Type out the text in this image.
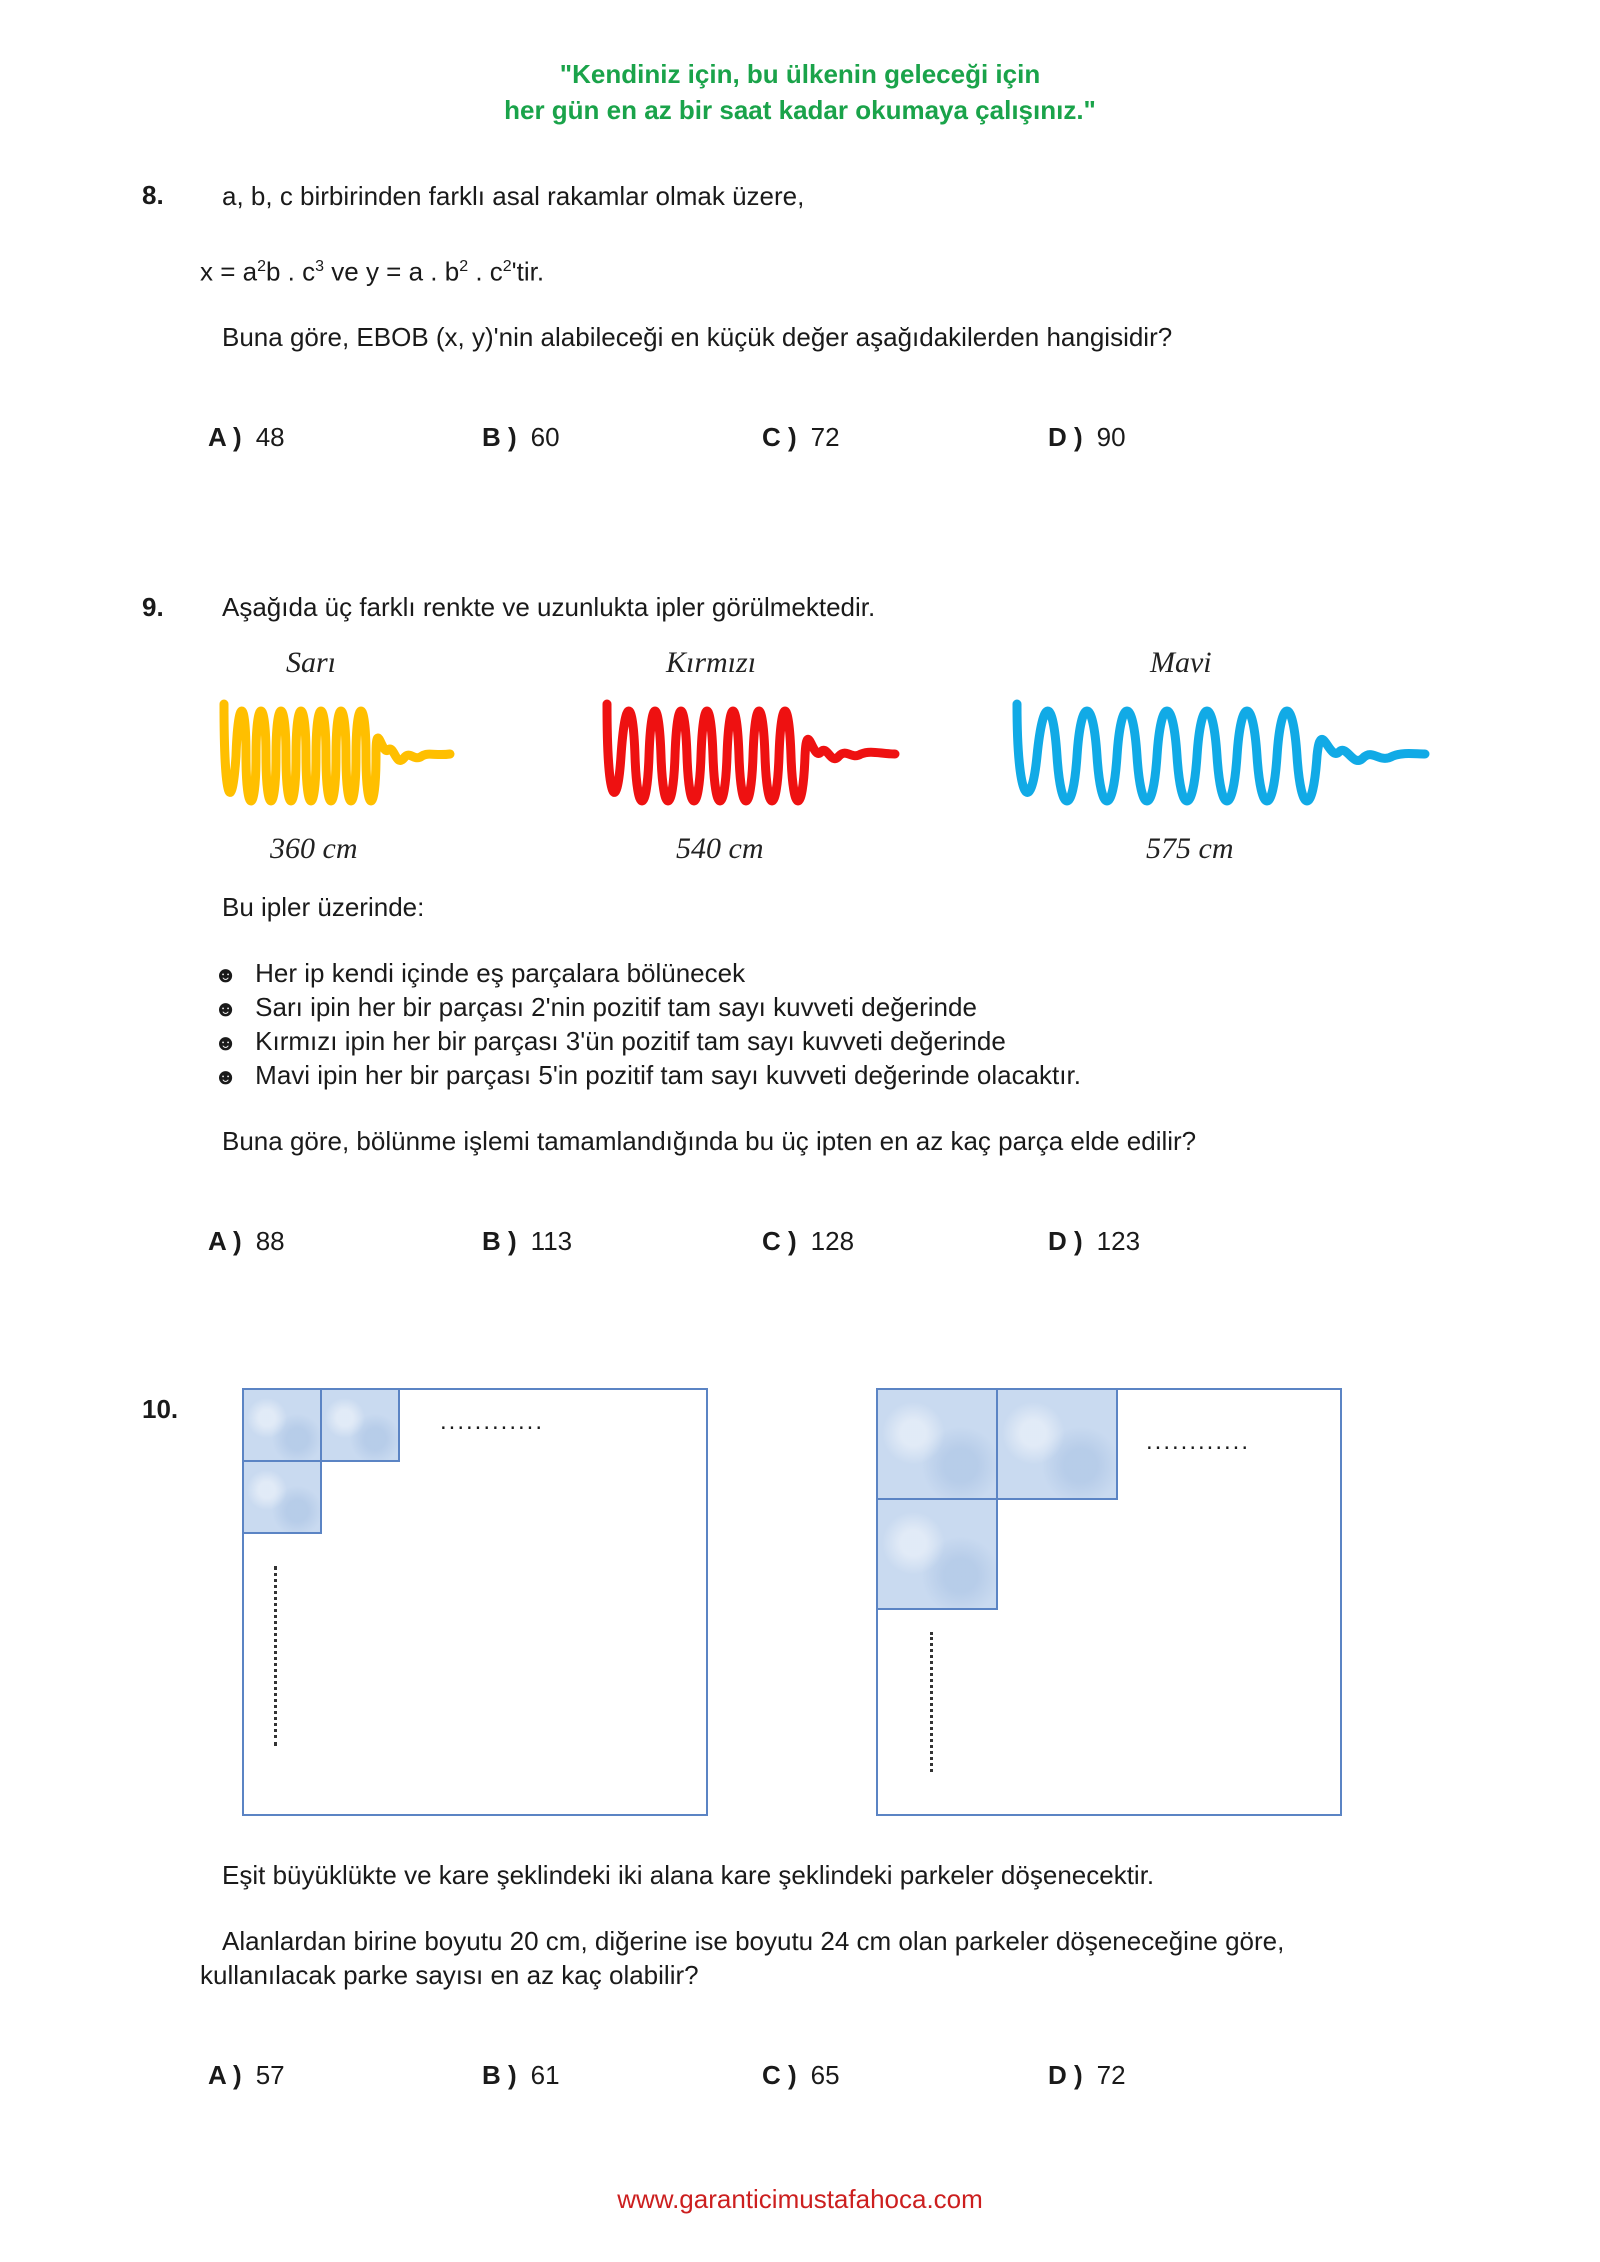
"Kendiniz için, bu ülkenin geleceği için
her gün en az bir saat kadar okumaya çalışınız."
8. a, b, c birbirinden farklı asal rakamlar olmak üzere,
$x = a^2b$ . $c^3$ ve y = a . $b^2$ . $c^2'tir$.
Buna göre, EBOB (x, y)'nin alabileceği en küçük değer aşağıdakilerden hangisidir?
A ) 48	B ) 60	C ) 72	D ) 90
9. Aşağıda üç farklı renkte ve uzunlukta ipler görülmektedir.
Sarı	Kırmızı	Mavi
360 cm	540 cm	575 cm
Bu ipler üzerinde:
☻ Her ip kendi içinde eş parçalara bölünecek
☻ Sarı ipin her bir parçası 2'nin pozitif tam sayı kuvveti değerinde
☻ Kırmızı ipin her bir parçası 3'ün pozitif tam sayı kuvveti değerinde
☻ Mavi ipin her bir parçası 5'in pozitif tam sayı kuvveti değerinde olacaktır.
Buna göre, bölünme işlemi tamamlandığında bu üç ipten en az kaç parça elde edilir?
A ) 88	B ) 113	C ) 128	D ) 123
10.	............
............
Eşit büyüklükte ve kare şeklindeki iki alana kare şeklindeki parkeler döşenecektir.
Alanlardan birine boyutu 20 cm, diğerine ise boyutu 24 cm olan parkeler döşeneceğine göre,
kullanılacak parke sayısı en az kaç olabilir?
A ) 57	B ) 61	C ) 65	D ) 72
www.garanticimustafahoca.com
